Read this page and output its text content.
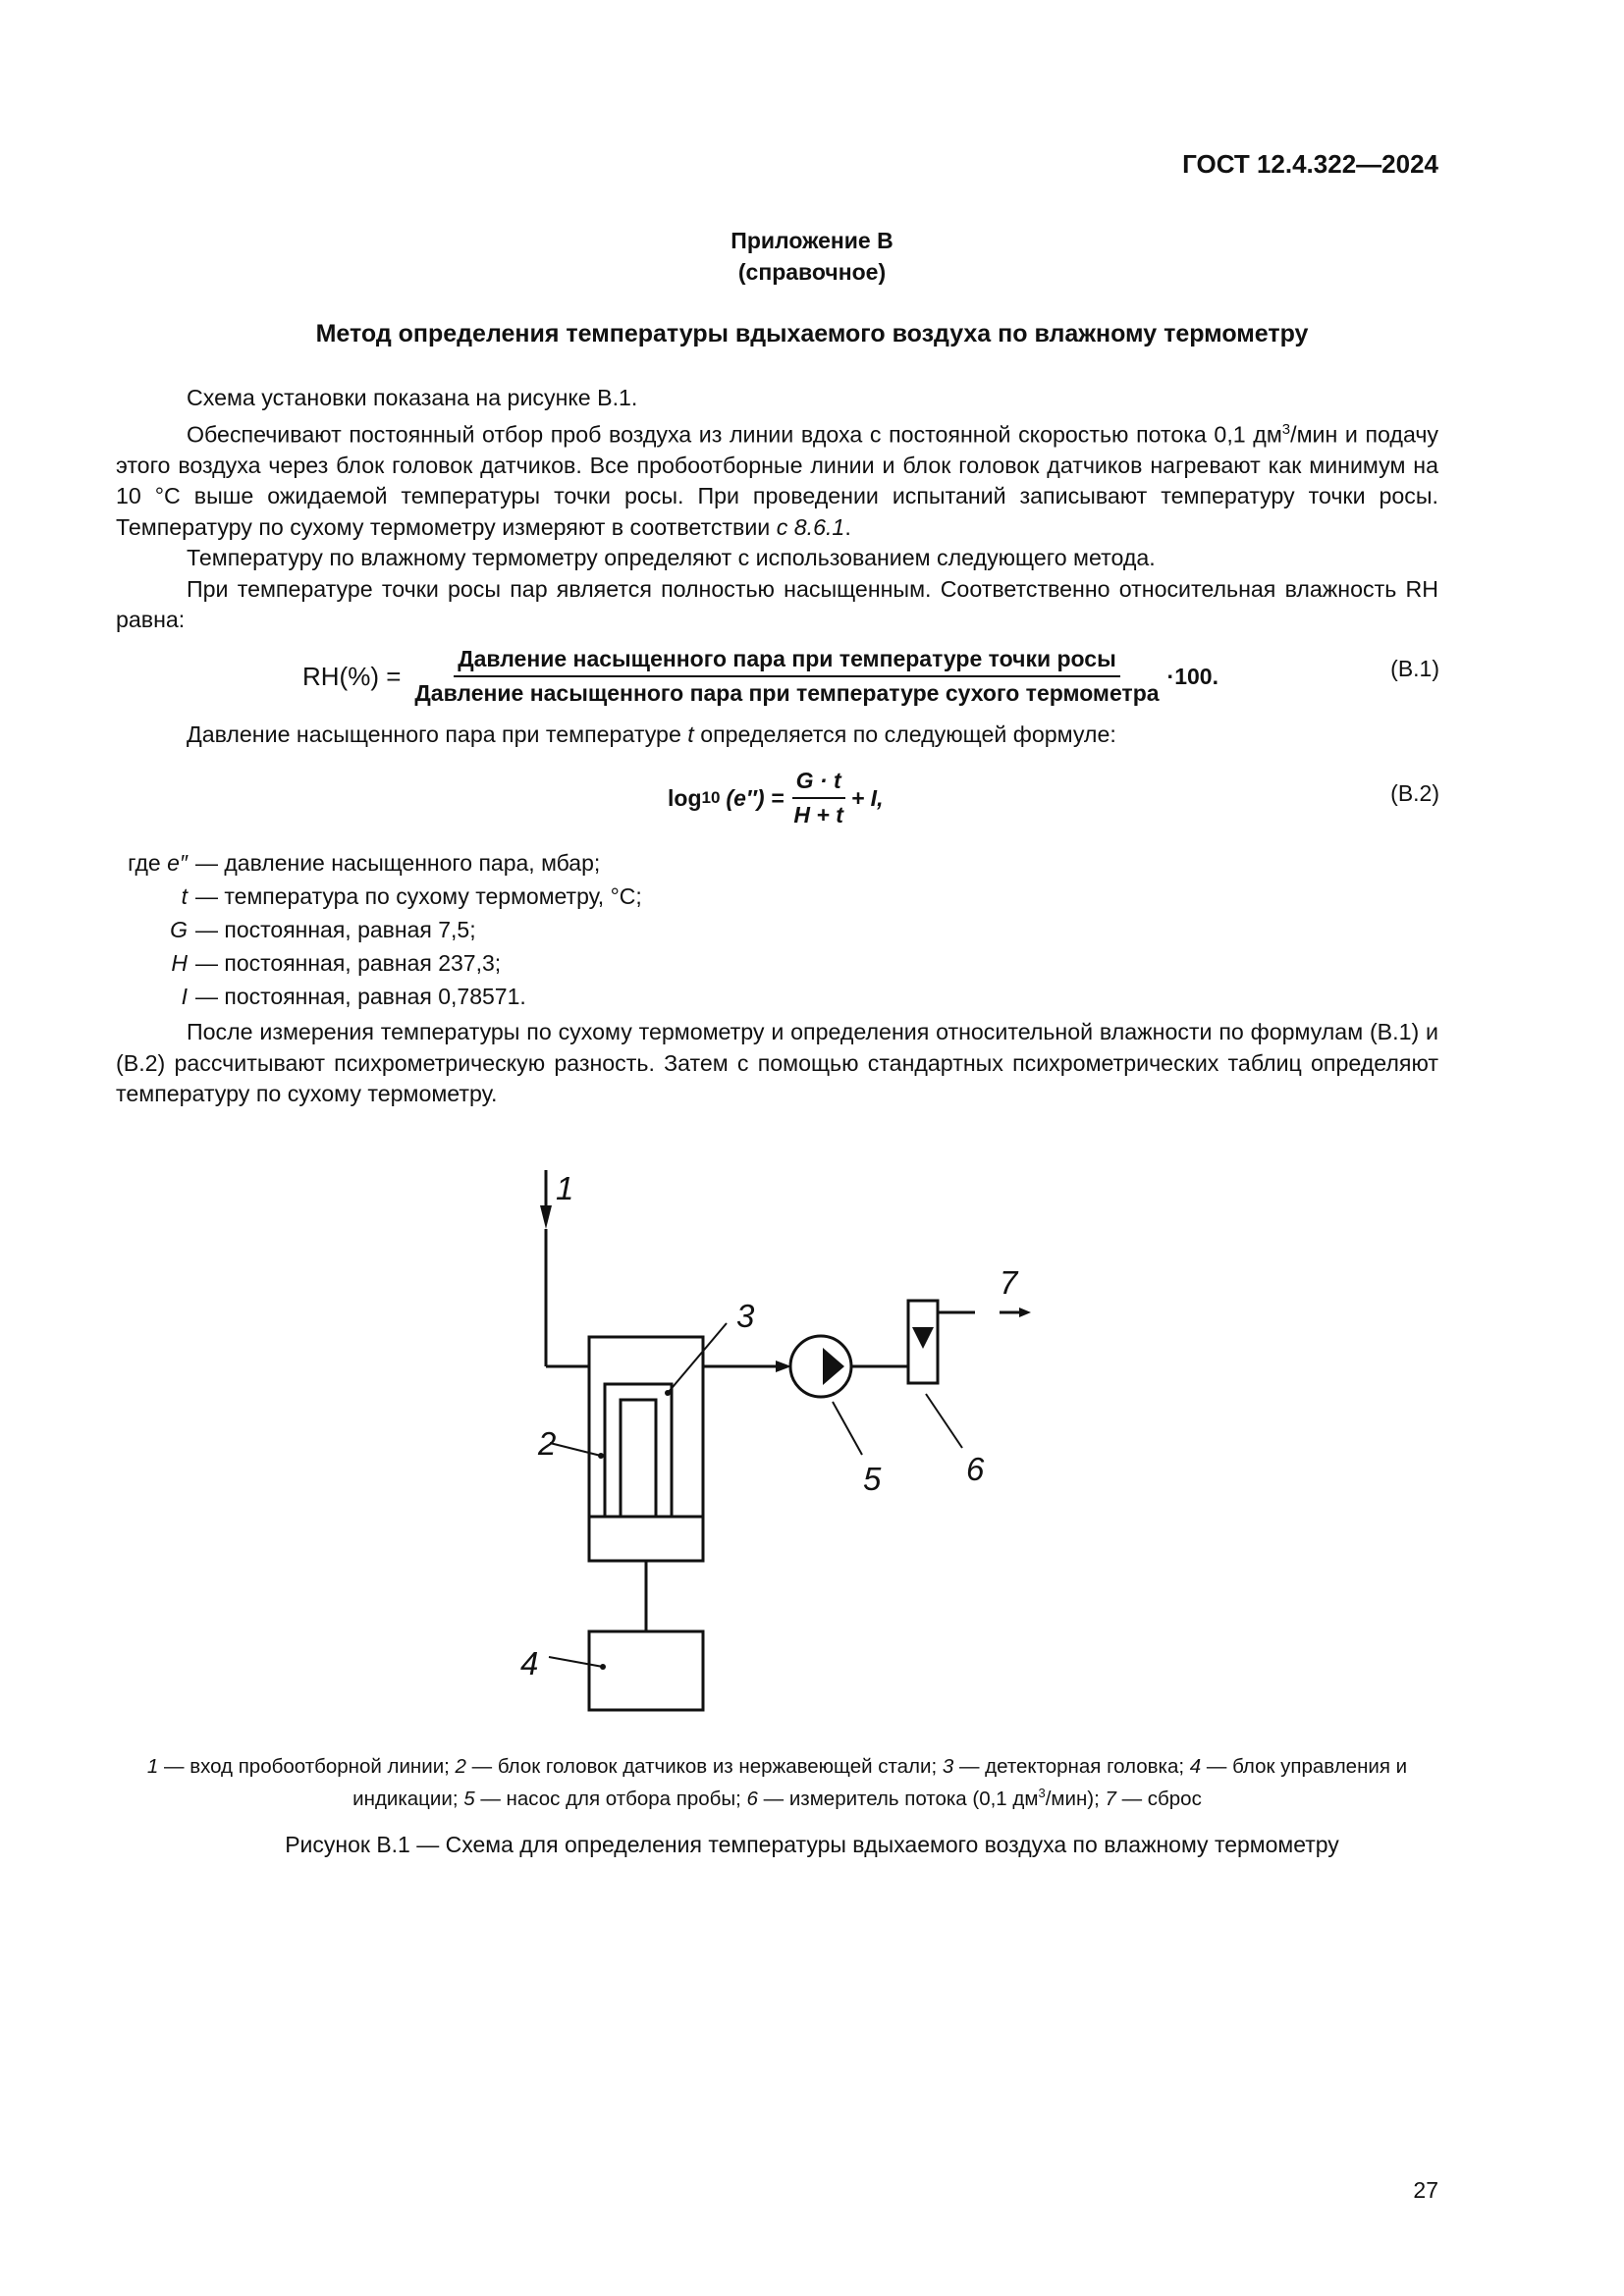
ГОСТ 12.4.322—2024
Приложение В
(справочное)
Метод определения температуры вдыхаемого воздуха по влажному термометру

Схема установки показана на рисунке В.1.

Обеспечивают постоянный отбор проб воздуха из линии вдоха с постоянной скоростью потока 0,1 $дм^3$/мин и подачу этого воздуха через блок головок датчиков. Все пробоотборные линии и блок головок датчиков нагревают как минимум на 10 °С выше ожидаемой температуры точки росы. При проведении испытаний записывают температуру точки росы. Температуру по сухому термометру измеряют в соответствии с 8.6.1.

Температуру по влажному термометру определяют с использованием следующего метода.

При температуре точки росы пар является полностью насыщенным. Соответственно относительная влажность RH равна:

$RH(\%) = \frac{\text{Давление насыщенного пара при температуре точки росы}}{\text{Давление насыщенного пара при температуре сухого термометра}} \cdot 100$.	(B.1)

Давление насыщенного пара при температуре t определяется по следующей формуле:

log 10 $(e'') = \frac{G \cdot t}{H + t} + I$,	(B.2)
где e″ — давление насыщенного пара, мбар;
t — температура по сухому термометру, °С;
G — постоянная, равная 7,5;
H — постоянная, равная 237,3;
I — постоянная, равная 0,78571.

После измерения температуры по сухому термометру и определения относительной влажности по формулам (B.1) и (B.2) рассчитывают психрометрическую разность. Затем с помощью стандартных психрометрических таблиц определяют температуру по сухому термометру.

1
2
3
4
5	6
7
1 — вход пробоотборной линии; 2 — блок головок датчиков из нержавеющей стали; 3 — детекторная головка; 4 — блок управления и индикации; 5 — насос для отбора пробы; 6 — измеритель потока (0,1 $дм^3/мин$); 7 — сброс
Рисунок В.1 — Схема для определения температуры вдыхаемого воздуха по влажному термометру
27
